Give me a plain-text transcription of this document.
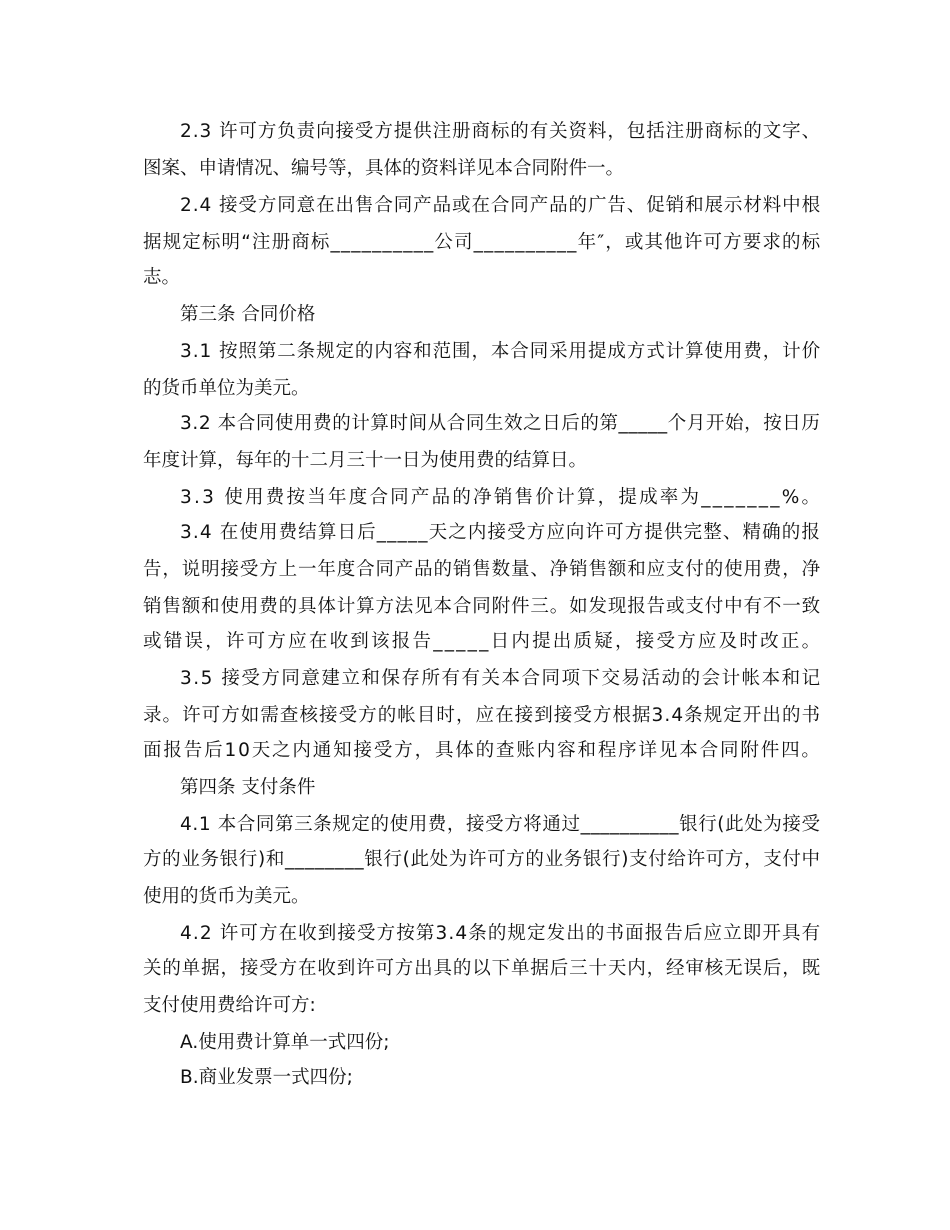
2.3 许可方负责向接受方提供注册商标的有关资料，包括注册商标的文字、
图案、申请情况、编号等，具体的资料详见本合同附件一。
2.4 接受方同意在出售合同产品或在合同产品的广告、促销和展示材料中根
据规定标明“注册商标__________公司__________年″，或其他许可方要求的标
志。
第三条 合同价格
3.1 按照第二条规定的内容和范围，本合同采用提成方式计算使用费，计价
的货币单位为美元。
3.2 本合同使用费的计算时间从合同生效之日后的第_____个月开始，按日历
年度计算，每年的十二月三十一日为使用费的结算日。
3.3 使用费按当年度合同产品的净销售价计算，提成率为_______%。
3.4 在使用费结算日后_____天之内接受方应向许可方提供完整、精确的报
告，说明接受方上一年度合同产品的销售数量、净销售额和应支付的使用费，净
销售额和使用费的具体计算方法见本合同附件三。如发现报告或支付中有不一致
或错误，许可方应在收到该报告_____日内提出质疑，接受方应及时改正。
3.5 接受方同意建立和保存所有有关本合同项下交易活动的会计帐本和记
录。许可方如需查核接受方的帐目时，应在接到接受方根据3.4条规定开出的书
面报告后10天之内通知接受方，具体的查账内容和程序详见本合同附件四。
第四条 支付条件
4.1 本合同第三条规定的使用费，接受方将通过__________银行(此处为接受
方的业务银行)和________银行(此处为许可方的业务银行)支付给许可方，支付中
使用的货币为美元。
4.2 许可方在收到接受方按第3.4条的规定发出的书面报告后应立即开具有
关的单据，接受方在收到许可方出具的以下单据后三十天内，经审核无误后，既
支付使用费给许可方:
A.使用费计算单一式四份;
B.商业发票一式四份;
